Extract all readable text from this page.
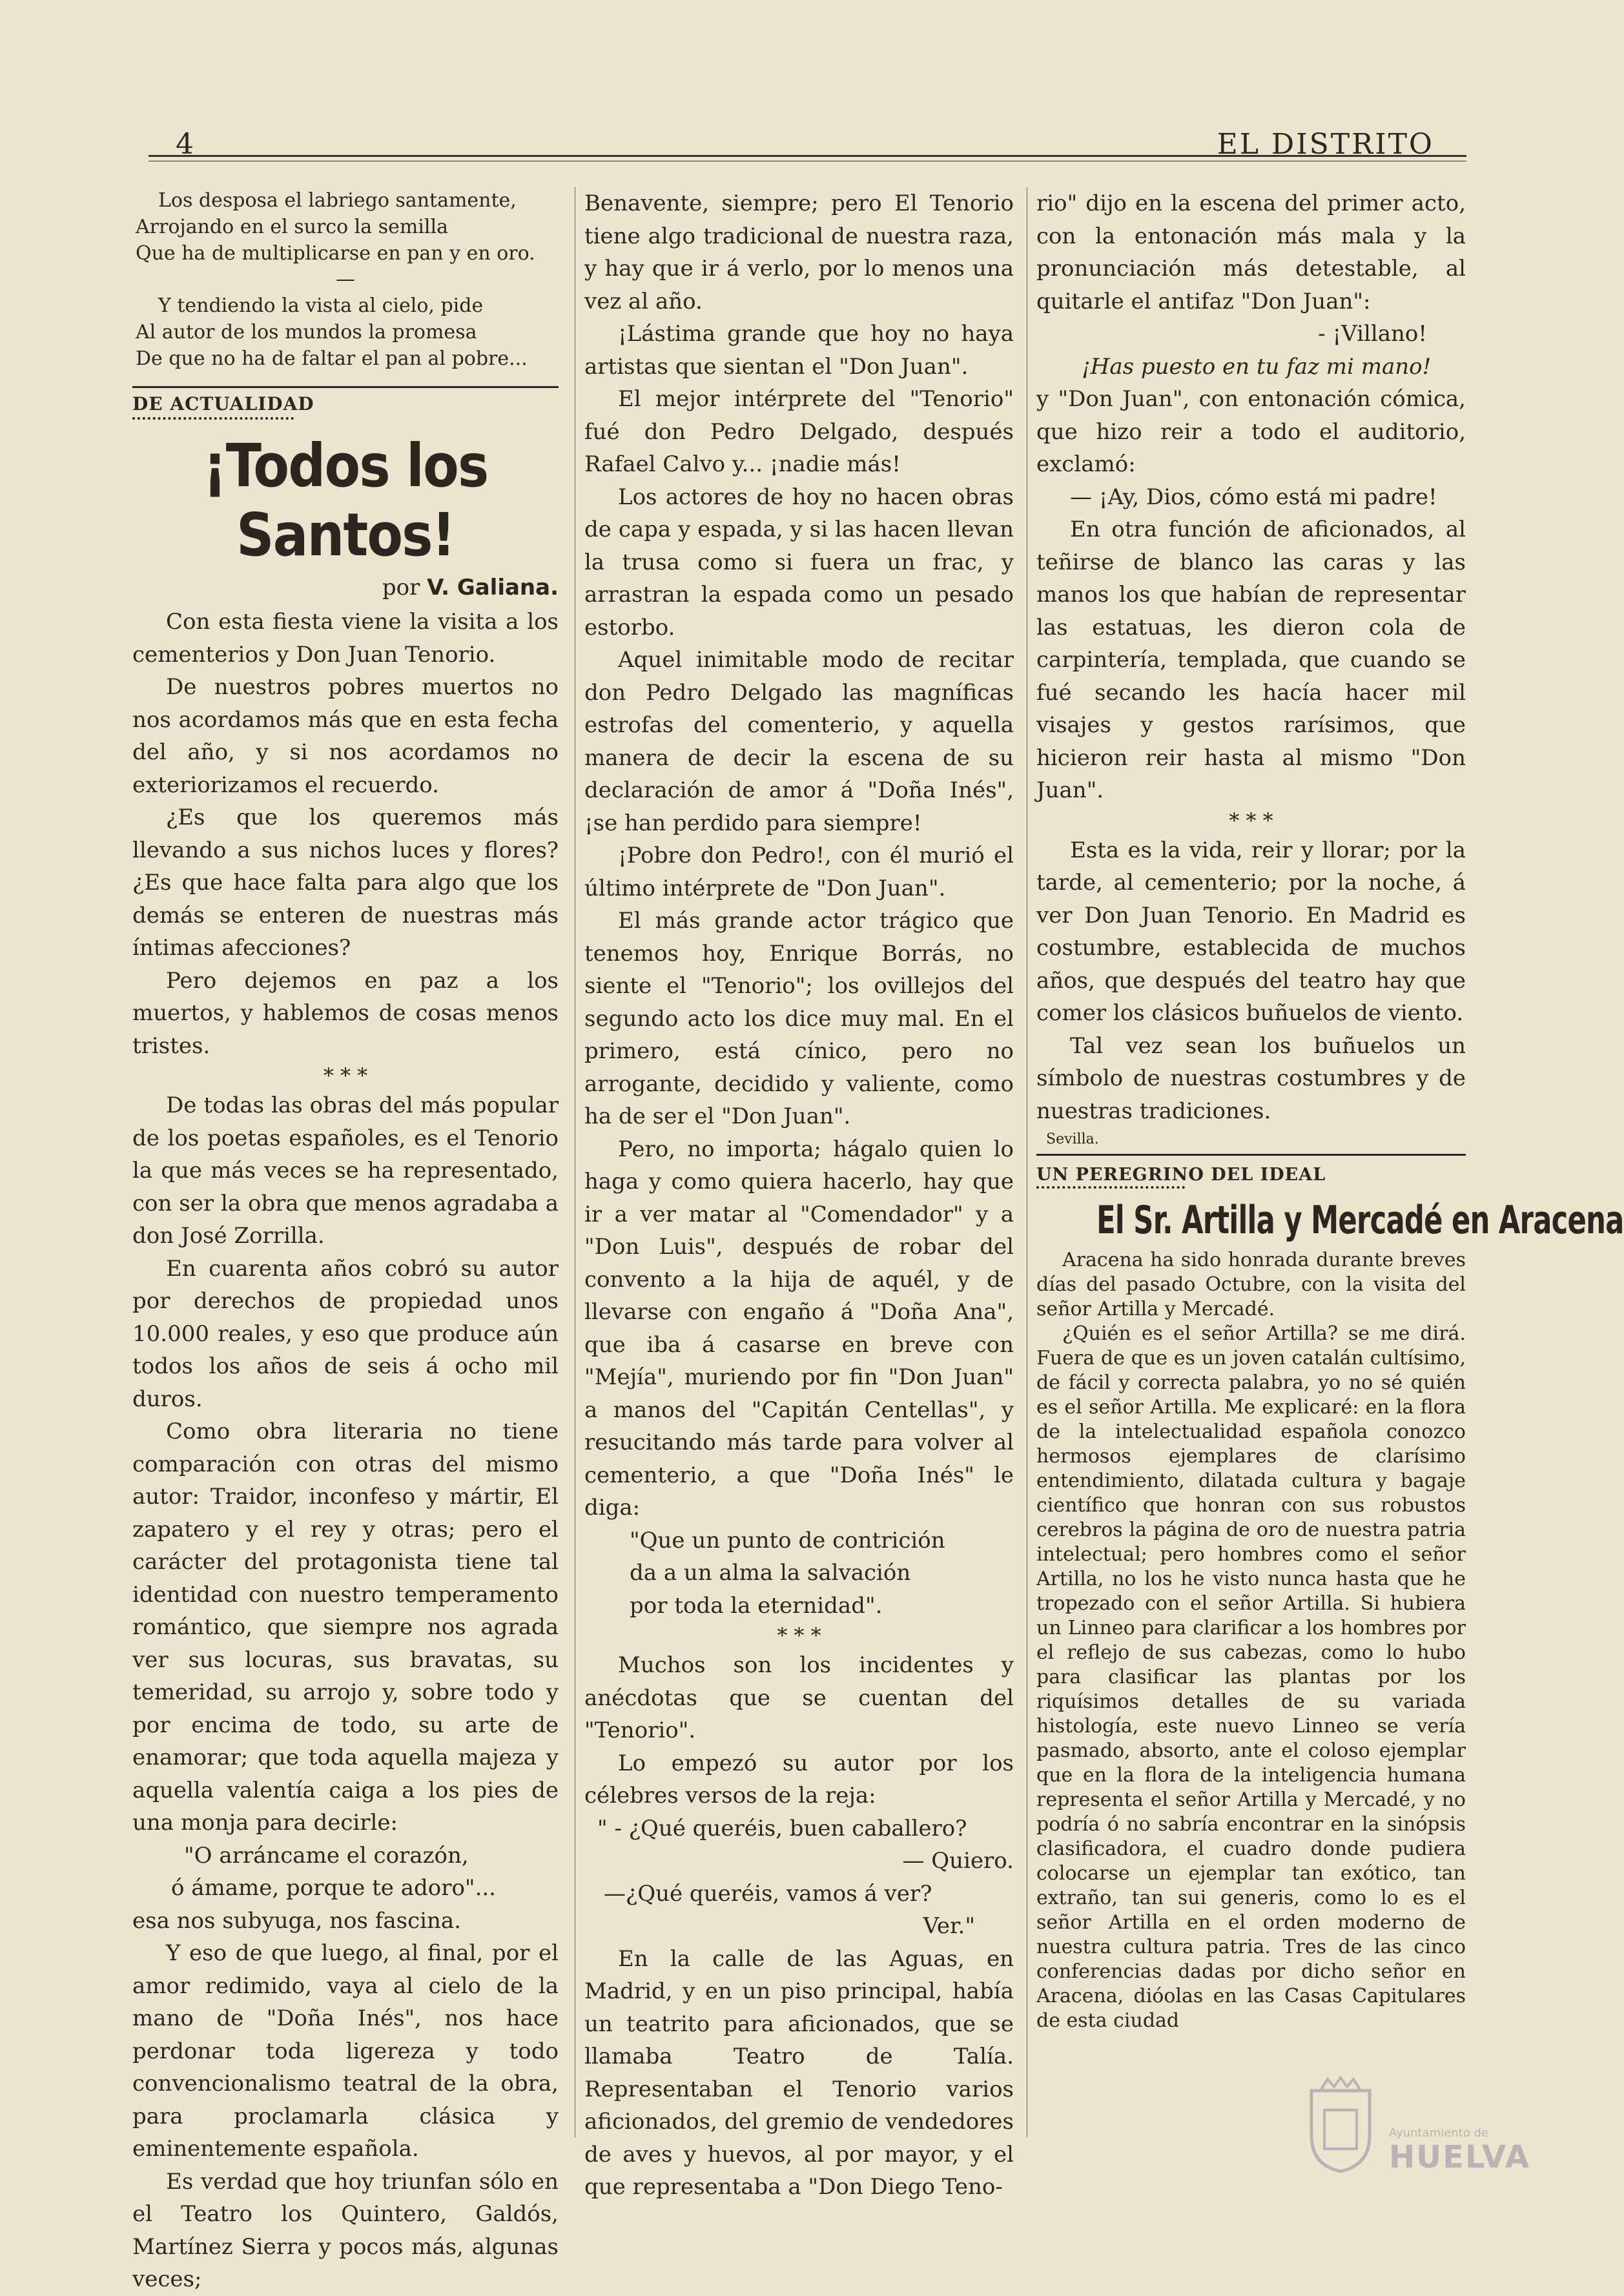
4	EL DISTRITO
Los desposa el labriego santamente,
Arrojando en el surco la semilla
Que ha de multiplicarse en pan y en oro.
—
Y tendiendo la vista al cielo, pide
Al autor de los mundos la promesa
De que no ha de faltar el pan al pobre...
DE ACTUALIDAD
¡Todos los Santos!
por V. Galiana.

Con esta fiesta viene la visita a los cementerios y Don Juan Tenorio.

De nuestros pobres muertos no nos acordamos más que en esta fecha del año, y si nos acordamos no exteriorizamos el recuerdo.

¿Es que los queremos más llevando a sus nichos luces y flores? ¿Es que hace falta para algo que los demás se enteren de nuestras más íntimas afecciones?

Pero dejemos en paz a los muertos, y hablemos de cosas menos tristes.

* * *

De todas las obras del más popular de los poetas españoles, es el Tenorio la que más veces se ha representado, con ser la obra que menos agradaba a don José Zorrilla.

En cuarenta años cobró su autor por derechos de propiedad unos 10.000 reales, y eso que produce aún todos los años de seis á ocho mil duros.

Como obra literaria no tiene comparación con otras del mismo autor: Traidor, inconfeso y mártir, El zapatero y el rey y otras; pero el carácter del protagonista tiene tal identidad con nuestro temperamento romántico, que siempre nos agrada ver sus locuras, sus bravatas, su temeridad, su arrojo y, sobre todo y por encima de todo, su arte de enamorar; que toda aquella majeza y aquella valentía caiga a los pies de una monja para decirle:

"O arráncame el corazón,
ó ámame, porque te adoro"...

esa nos subyuga, nos fascina.

Y eso de que luego, al final, por el amor redimido, vaya al cielo de la mano de "Doña Inés", nos hace perdonar toda ligereza y todo convencionalismo teatral de la obra, para proclamarla clásica y eminentemente española.

Es verdad que hoy triunfan sólo en el Teatro los Quintero, Galdós, Martínez Sierra y pocos más, algunas veces;

Benavente, siempre; pero El Tenorio tiene algo tradicional de nuestra raza, y hay que ir á verlo, por lo menos una vez al año.

¡Lástima grande que hoy no haya artistas que sientan el "Don Juan".

El mejor intérprete del "Tenorio" fué don Pedro Delgado, después Rafael Calvo y... ¡nadie más!

Los actores de hoy no hacen obras de capa y espada, y si las hacen llevan la trusa como si fuera un frac, y arrastran la espada como un pesado estorbo.

Aquel inimitable modo de recitar don Pedro Delgado las magníficas estrofas del comenterio, y aquella manera de decir la escena de su declaración de amor á "Doña Inés", ¡se han perdido para siempre!

¡Pobre don Pedro!, con él murió el último intérprete de "Don Juan".

El más grande actor trágico que tenemos hoy, Enrique Borrás, no siente el "Tenorio"; los ovillejos del segundo acto los dice muy mal. En el primero, está cínico, pero no arrogante, decidido y valiente, como ha de ser el "Don Juan".

Pero, no importa; hágalo quien lo haga y como quiera hacerlo, hay que ir a ver matar al "Comendador" y a "Don Luis", después de robar del convento a la hija de aquél, y de llevarse con engaño á "Doña Ana", que iba á casarse en breve con "Mejía", muriendo por fin "Don Juan" a manos del "Capitán Centellas", y resucitando más tarde para volver al cementerio, a que "Doña Inés" le diga:

"Que un punto de contrición
da a un alma la salvación
por toda la eternidad".
* * *

Muchos son los incidentes y anécdotas que se cuentan del "Tenorio".

Lo empezó su autor por los célebres versos de la reja:

" - ¿Qué queréis, buen caballero?
— Quiero.
—¿Qué queréis, vamos á ver?
Ver."

En la calle de las Aguas, en Madrid, y en un piso principal, había un teatrito para aficionados, que se llamaba Teatro de Talía. Representaban el Tenorio varios aficionados, del gremio de vendedores de aves y huevos, al por mayor, y el que representaba a "Don Diego Teno-

rio" dijo en la escena del primer acto, con la entonación más mala y la pronunciación más detestable, al quitarle el antifaz "Don Juan":

- ¡Villano!
¡Has puesto en tu faz mi mano!

y "Don Juan", con entonación cómica, que hizo reir a todo el auditorio, exclamó:

— ¡Ay, Dios, cómo está mi padre!

En otra función de aficionados, al teñirse de blanco las caras y las manos los que habían de representar las estatuas, les dieron cola de carpintería, templada, que cuando se fué secando les hacía hacer mil visajes y gestos rarísimos, que hicieron reir hasta al mismo "Don Juan".

* * *

Esta es la vida, reir y llorar; por la tarde, al cementerio; por la noche, á ver Don Juan Tenorio. En Madrid es costumbre, establecida de muchos años, que después del teatro hay que comer los clásicos buñuelos de viento.

Tal vez sean los buñuelos un símbolo de nuestras costumbres y de nuestras tradiciones.

Sevilla.
UN PEREGRINO DEL IDEAL
El Sr. Artilla y Mercadé en Aracena

Aracena ha sido honrada durante breves días del pasado Octubre, con la visita del señor Artilla y Mercadé.

¿Quién es el señor Artilla? se me dirá. Fuera de que es un joven catalán cultísimo, de fácil y correcta palabra, yo no sé quién es el señor Artilla. Me explicaré: en la flora de la intelectualidad española conozco hermosos ejemplares de clarísimo entendimiento, dilatada cultura y bagaje científico que honran con sus robustos cerebros la página de oro de nuestra patria intelectual; pero hombres como el señor Artilla, no los he visto nunca hasta que he tropezado con el señor Artilla. Si hubiera un Linneo para clarificar a los hombres por el reflejo de sus cabezas, como lo hubo para clasificar las plantas por los riquísimos detalles de su variada histología, este nuevo Linneo se vería pasmado, absorto, ante el coloso ejemplar que en la flora de la inteligencia humana representa el señor Artilla y Mercadé, y no podría ó no sabría encontrar en la sinópsis clasificadora, el cuadro donde pudiera colocarse un ejemplar tan exótico, tan extraño, tan sui generis, como lo es el señor Artilla en el orden moderno de nuestra cultura patria. Tres de las cinco conferencias dadas por dicho señor en Aracena, dióolas en las Casas Capitulares de esta ciudad

Ayuntamiento de
HUELVA
